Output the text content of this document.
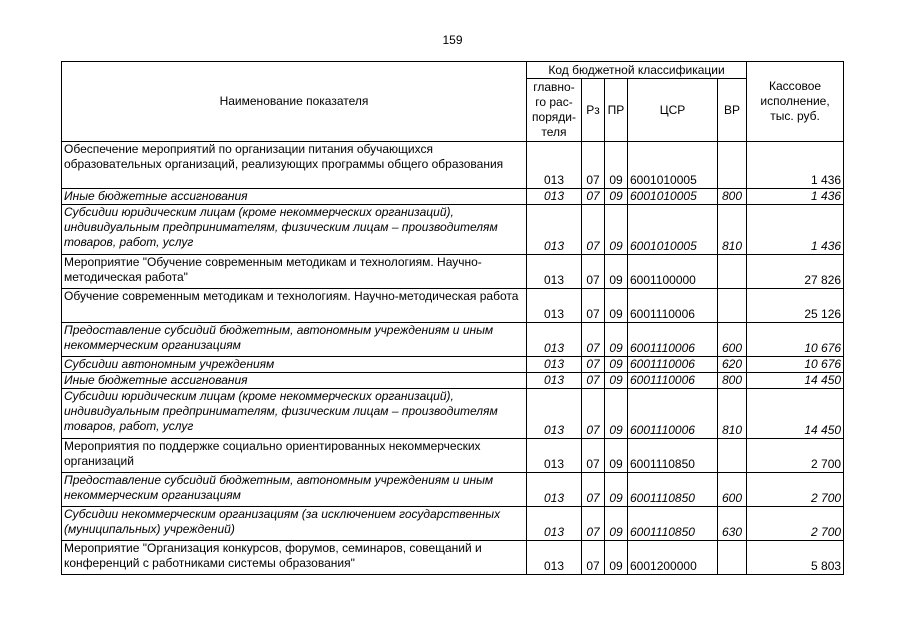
159
Наименование показателя	Код бюджетной классификации					Кассовое исполнение, тыс. руб.
	главно-го рас-поряди-теля	Рз	ПР	ЦСР	ВР	
Обеспечение мероприятий по организации питания обучающихся образовательных организаций, реализующих программы общего образования	013	07	09	6001010005		1 436
Иные бюджетные ассигнования	013	07	09	6001010005	800	1 436
Субсидии юридическим лицам (кроме некоммерческих организаций), индивидуальным предпринимателям, физическим лицам – производителям товаров, работ, услуг	013	07	09	6001010005	810	1 436
Мероприятие "Обучение современным методикам и технологиям. Научно-методическая работа"	013	07	09	6001100000		27 826
Обучение современным методикам и технологиям. Научно-методическая работа	013	07	09	6001110006		25 126
Предоставление субсидий бюджетным, автономным учреждениям и иным некоммерческим организациям	013	07	09	6001110006	600	10 676
Субсидии автономным учреждениям	013	07	09	6001110006	620	10 676
Иные бюджетные ассигнования	013	07	09	6001110006	800	14 450
Субсидии юридическим лицам (кроме некоммерческих организаций), индивидуальным предпринимателям, физическим лицам – производителям товаров, работ, услуг	013	07	09	6001110006	810	14 450
Мероприятия по поддержке социально ориентированных некоммерческих организаций	013	07	09	6001110850		2 700
Предоставление субсидий бюджетным, автономным учреждениям и иным некоммерческим организациям	013	07	09	6001110850	600	2 700
Субсидии некоммерческим организациям (за исключением государственных (муниципальных) учреждений)	013	07	09	6001110850	630	2 700
Мероприятие "Организация конкурсов, форумов, семинаров, совещаний и конференций с работниками системы образования"	013	07	09	6001200000		5 803
